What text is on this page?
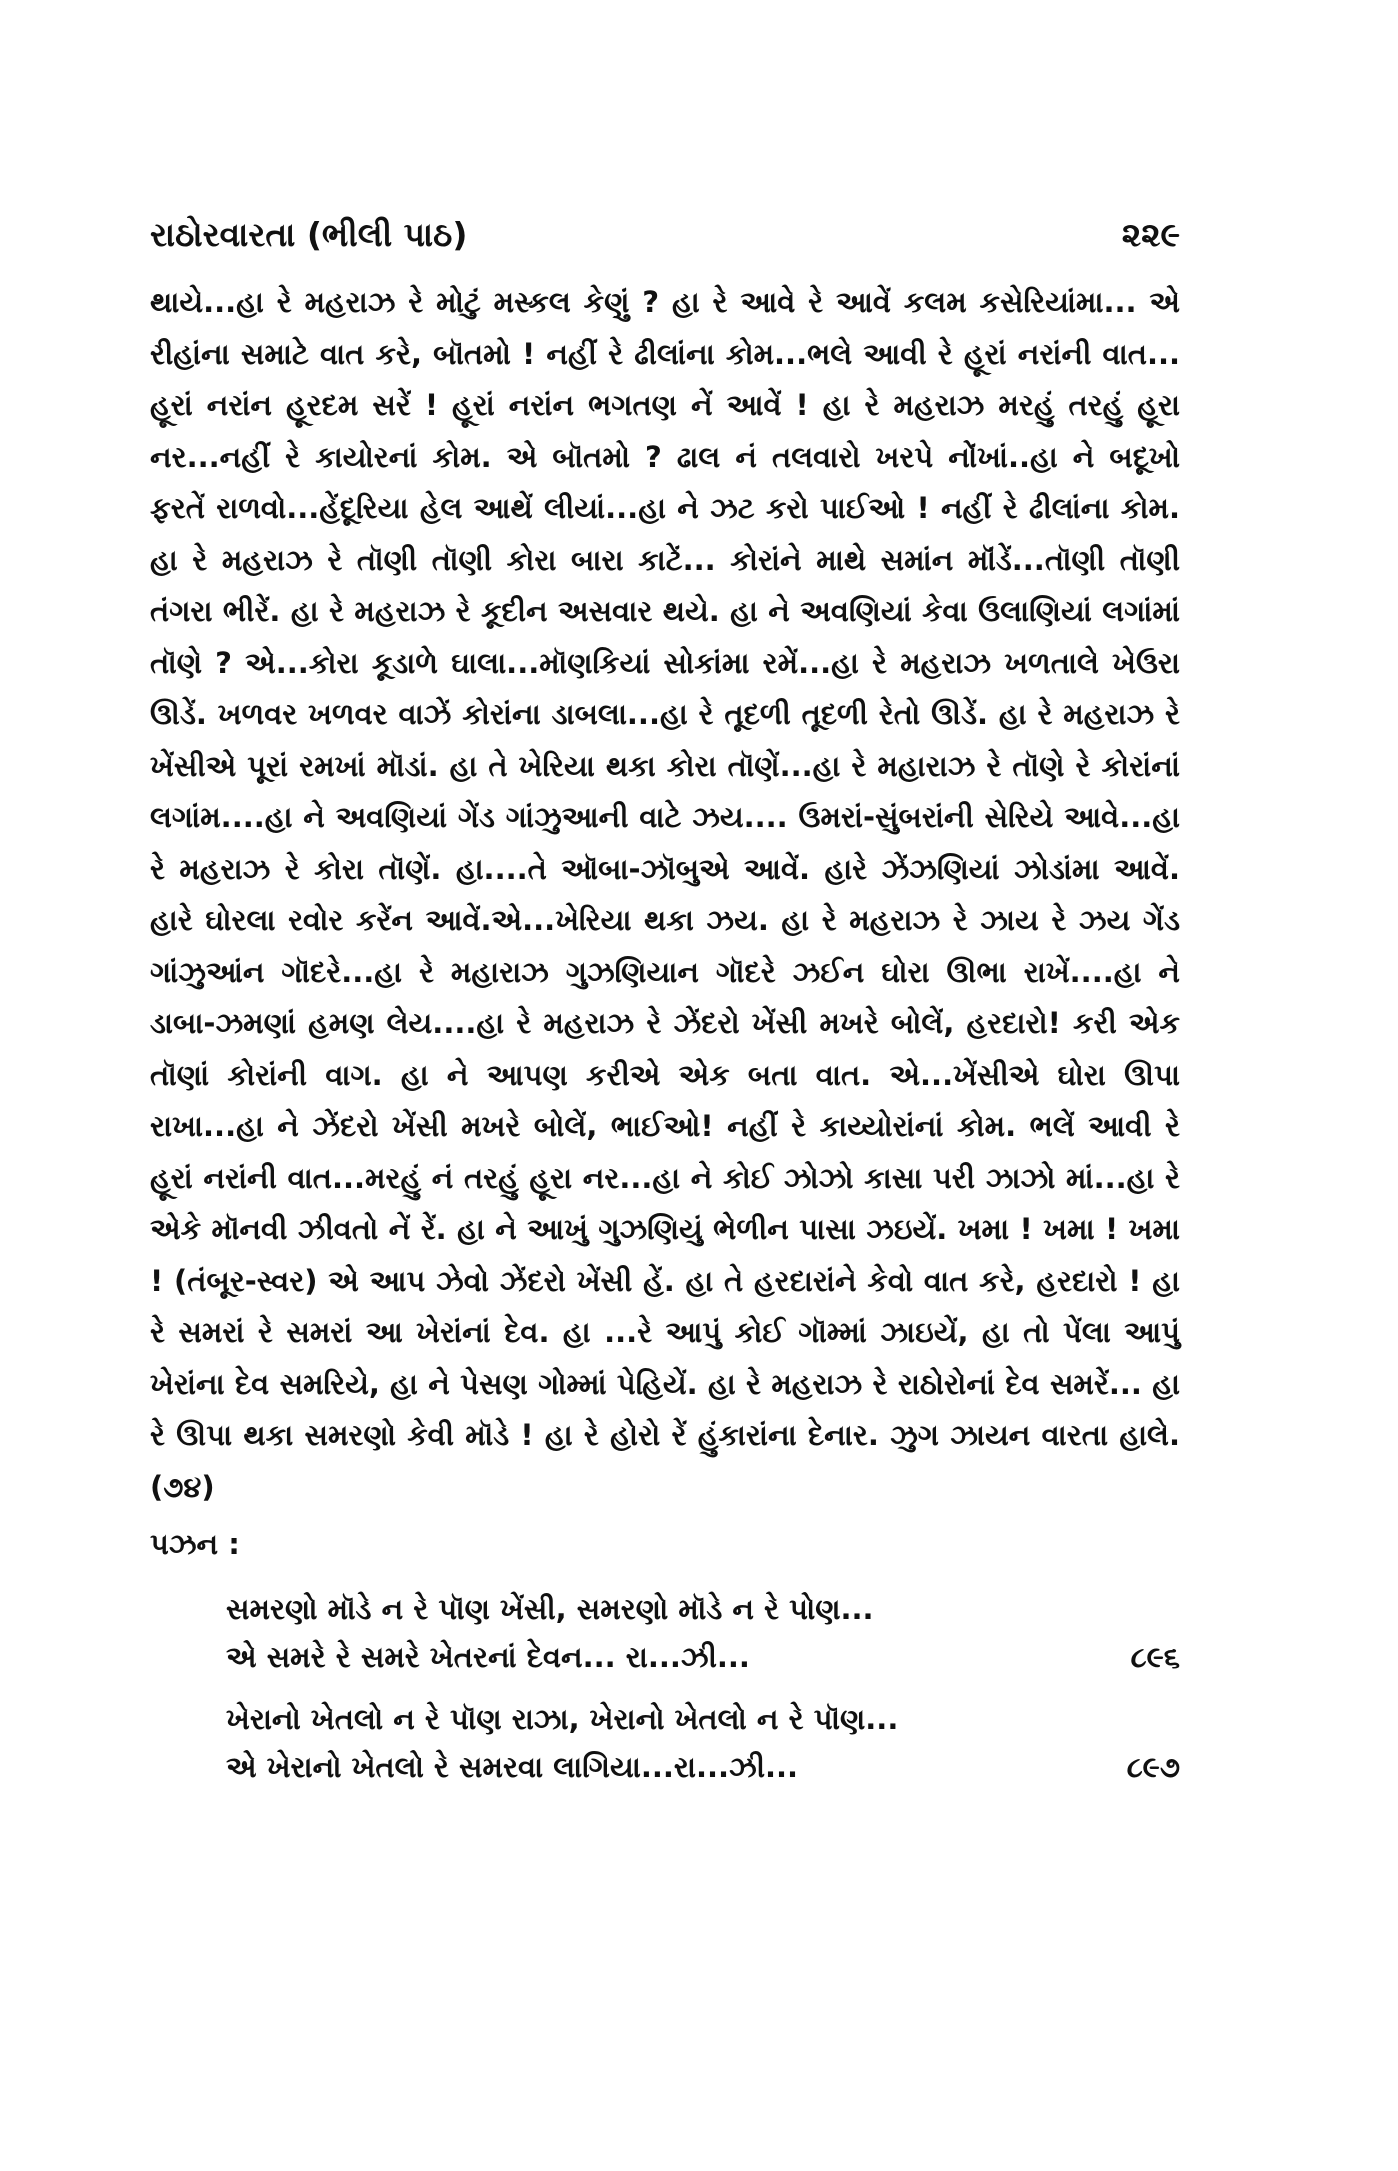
રાઠોરવારતા (ભીલી પાઠ)	૨૨૯

થાયે...હા રે મહરાઝ રે મોટું મસ્કલ કેણું ? હા રે આવે રે આવેં કલમ કસેરિયાંમા... એ રીહાંના સમાટે વાત કરે, બૉતમો ! નહીં રે ઢીલાંના કોમ...ભલે આવી રે હૂરાં નરાંની વાત... હૂરાં નરાંન હૂરદમ સરેં ! હૂરાં નરાંન ભગતણ નેં આવેં ! હા રે મહરાઝ મરહું તરહું હૂરા નર...નહીં રે કાયોરનાં કોમ. એ બૉતમો ? ઢાલ નં તલવારો ખરપે નોંખાં..હા ને બદૂખો ફરતેં રાળવો...હેંદૂરિયા હેલ આથેં લીયાં...હા ને ઝટ કરો પાઈઓ ! નહીં રે ઢીલાંના કોમ. હા રે મહરાઝ રે તૉણી તૉણી કોરા બારા કાટેં... કોરાંને માથે સમાંન મૉંડેં...તૉણી તૉણી તંગરા ભીરેં. હા રે મહરાઝ રે કૂદીન અસવાર થયે. હા ને અવણિયાં કેવા ઉલાણિયાં લગાંમાં તૉણે ? એ...કોરા કૂડાળે ઘાલા...મૉણકિયાં સોકાંમા રમેં...હા રે મહરાઝ ખળતાલે ખેઉરા ઊડેં. ખળવર ખળવર વાઝેં કોરાંના ડાબલા...હા રે તૂદળી તૂદળી રેતો ઊડેં. હા રે મહરાઝ રે ખેંસીએ પૂરાં રમખાં મૉડાં. હા તે ખેરિયા થકા કોરા તૉણેં...હા રે મહારાઝ રે તૉણે રે કોરાંનાં લગાંમ....હા ને અવણિયાં ગેંડ ગાંઝુઆની વાટે ઝય.... ઉમરાં-સુંબરાંની સેરિયે આવે...હા રે મહરાઝ રે કોરા તૉણેં. હા....તે ઑબા-ઝૉબુએ આવેં. હારે ઝેંઝણિયાં ઝોડાંમા આવેં. હારે ઘોરલા રવોર કરેંન આવેં.એ...ખેરિયા થકા ઝય. હા રે મહરાઝ રે ઝાય રે ઝય ગેંડ ગાંઝુઆંન ગૉદરે...હા રે મહારાઝ ગુઝણિયાન ગૉદરે ઝઈન ઘોરા ઊભા રાખેં....હા ને ડાબા-ઝમણાં હમણ લેય....હા રે મહરાઝ રે ઝેંદરો ખેંસી મખરે બોલેં, હરદારો! કરી એક તૉણાં કોરાંની વાગ. હા ને આપણ કરીએ એક બતા વાત. એ...ખેંસીએ ઘોરા ઊપા રાખા...હા ને ઝેંદરો ખેંસી મખરે બોલેં, ભાઈઓ! નહીં રે કાય્યોરાંનાં કોમ. ભલેં આવી રે હૂરાં નરાંની વાત...મરહું નં તરહું હૂરા નર...હા ને કોઈ ઝોઝો કાસા પરી ઝાઝો માં...હા રે એકે મૉનવી ઝીવતો નેં રેં. હા ને આખું ગુઝણિયું ભેળીન પાસા ઝઇયેં. ખમા ! ખમા ! ખમા ! (તંબૂર-સ્વર) એ આપ ઝેવો ઝેંદરો ખેંસી હેં. હા તે હરદારાંને કેવો વાત કરે, હરદારો ! હા રે સમરાં રે સમરાં આ ખેરાંનાં દેવ. હા ...રે આપું કોઈ ગૉમ્માં ઝાઇયેં, હા તો પેંલા આપું ખેરાંના દેવ સમરિયે, હા ને પેસણ ગોમ્માં પેહિયેં. હા રે મહરાઝ રે રાઠોરોનાં દેવ સમરેં... હા રે ઊપા થકા સમરણો કેવી મૉડે ! હા રે હોરો રેં હુંકારાંના દેનાર. ઝુગ ઝાયન વારતા હાલે. (૭૪)

પઝન :
સમરણો મૉડે ન રે પૉણ ખેંસી, સમરણો મૉડે ન રે પોણ...
એ સમરે રે સમરે ખેતરનાં દેવન... રા...ઝી...	૮૯૬
ખેરાનો ખેતલો ન રે પૉણ રાઝા, ખેરાનો ખેતલો ન રે પૉણ...
એ ખેરાનો ખેતલો રે સમરવા લાગિયા...રા...ઝી...	૮૯૭
